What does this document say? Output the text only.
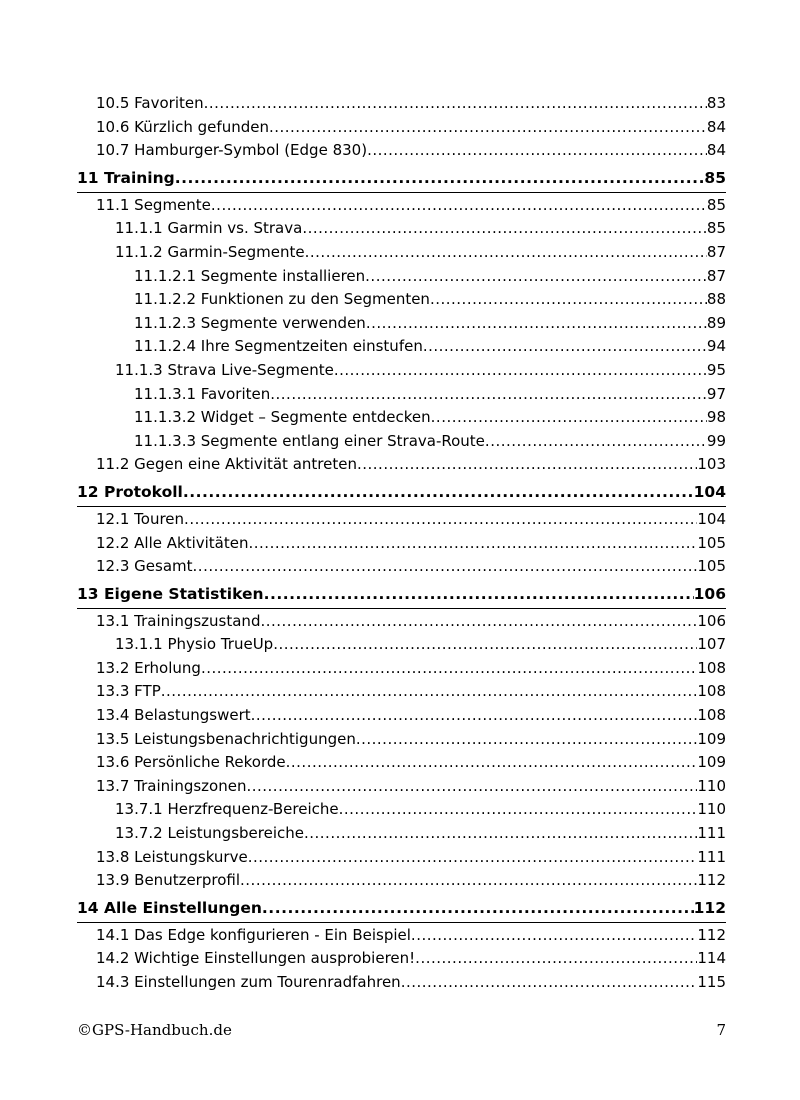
10.5 Favoriten .....	83
10.6 Kürzlich gefunden .....	84
10.7 Hamburger-Symbol (Edge 830) .....	84
11 Training .....	85
11.1 Segmente .....	85
11.1.1 Garmin vs. Strava .....	85
11.1.2 Garmin-Segmente .....	87
11.1.2.1 Segmente installieren .....	87
11.1.2.2 Funktionen zu den Segmenten .....	88
11.1.2.3 Segmente verwenden .....	89
11.1.2.4 Ihre Segmentzeiten einstufen .....	94
11.1.3 Strava Live-Segmente .....	95
11.1.3.1 Favoriten .....	97
11.1.3.2 Widget – Segmente entdecken .....	98
11.1.3.3 Segmente entlang einer Strava-Route .....	99
11.2 Gegen eine Aktivität antreten .....	103
12 Protokoll .....	104
12.1 Touren .....	104
12.2 Alle Aktivitäten .....	105
12.3 Gesamt .....	105
13 Eigene Statistiken .....	106
13.1 Trainingszustand .....	106
13.1.1 Physio TrueUp .....	107
13.2 Erholung .....	108
13.3 FTP .....	108
13.4 Belastungswert .....	108
13.5 Leistungsbenachrichtigungen .....	109
13.6 Persönliche Rekorde .....	109
13.7 Trainingszonen .....	110
13.7.1 Herzfrequenz-Bereiche .....	110
13.7.2 Leistungsbereiche .....	111
13.8 Leistungskurve .....	111
13.9 Benutzerprofil .....	112
14 Alle Einstellungen .....	112
14.1 Das Edge konfigurieren - Ein Beispiel .....	112
14.2 Wichtige Einstellungen ausprobieren! .....	114
14.3 Einstellungen zum Tourenradfahren .....	115
©GPS-Handbuch.de	7
